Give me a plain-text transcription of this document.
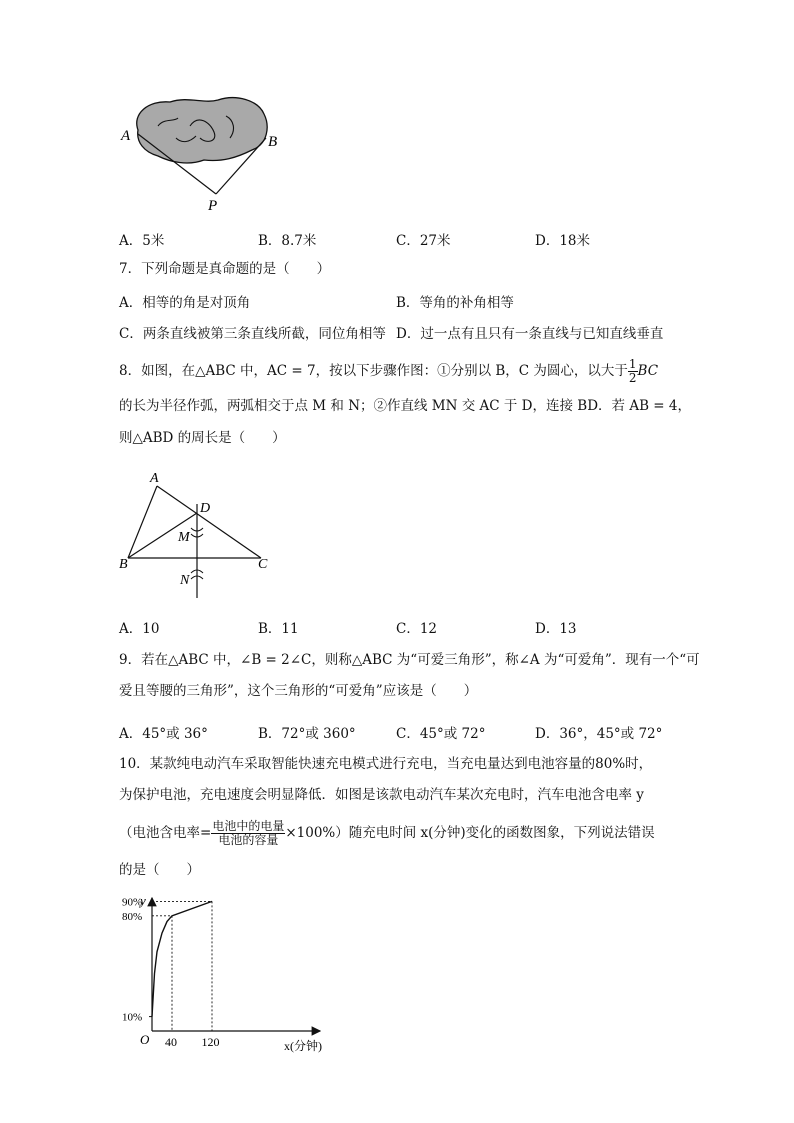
A	B
P
A．5米	B．8.7米	C．27米	D．18米
7．下列命题是真命题的是（　　）
A．相等的角是对顶角	B．等角的补角相等
C．两条直线被第三条直线所截，同位角相等 D．过一点有且只有一条直线与已知直线垂直
8．如图，在△ABC 中，AC = 7，按以下步骤作图：①分别以 B，C 为圆心，以大于 $\frac{1}{2}$ BC
的长为半径作弧，两弧相交于点 M 和 N；②作直线 MN 交 AC 于 D，连接 BD．若 AB = 4，
则△ABD 的周长是（　　）
A
D
M
B	C
N
A．10	B．11	C．12	D．13
9．若在△ABC 中，∠B = 2∠C，则称△ABC 为“可爱三角形”，称∠A 为“可爱角”．现有一个“可
爱且等腰的三角形”，这个三角形的“可爱角”应该是（　　）
A．45°或 36°	B．72°或 360°	C．45°或 72°	D．36°，45°或 72°
10．某款纯电动汽车采取智能快速充电模式进行充电，当充电量达到电池容量的80%时，
为保护电池，充电速度会明显降低．如图是该款电动汽车某次充电时，汽车电池含电率 y
（电池含电率= $\frac{\text{电池中的电量}}{\text{电池的容量}} \times 100\%$）随充电时间 x(分钟)变化的函数图象，下列说法错误
的是（　　）
y
O	x(分钟)
40 120
10%
80%
90%
